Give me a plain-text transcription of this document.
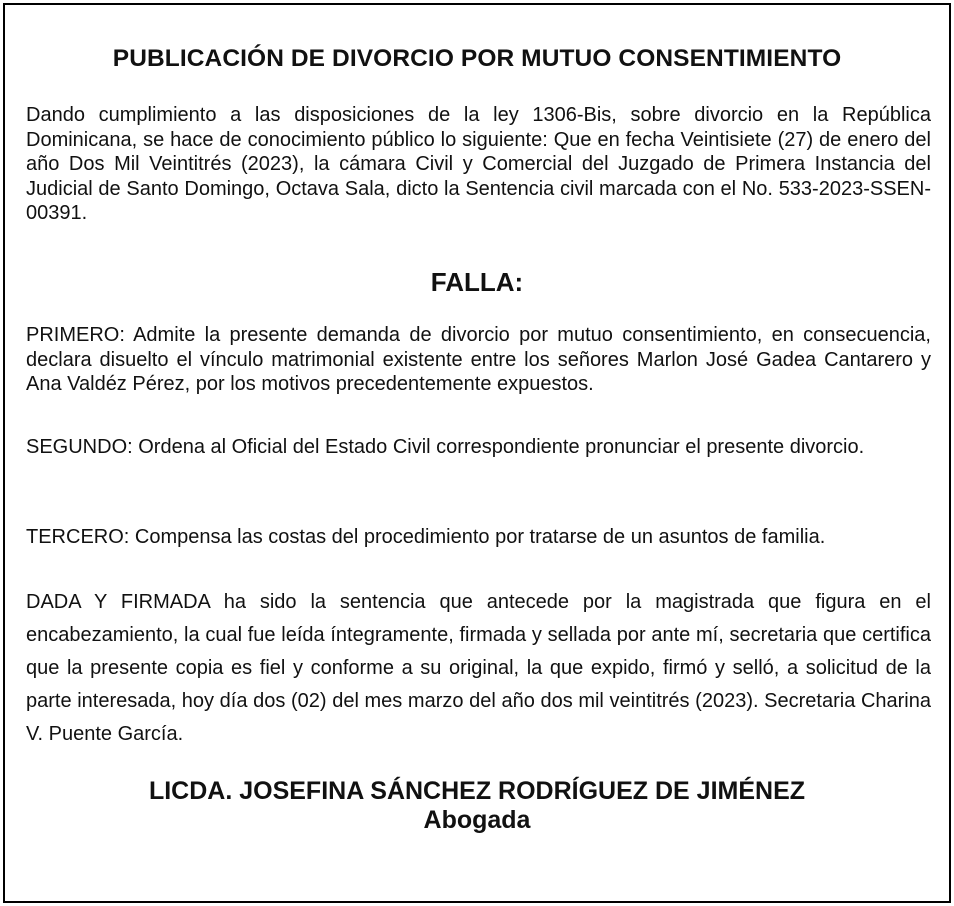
PUBLICACIÓN DE DIVORCIO POR MUTUO CONSENTIMIENTO

Dando cumplimiento a las disposiciones de la ley 1306-Bis, sobre divorcio en la República Dominicana, se hace de conocimiento público lo siguiente: Que en fecha Veintisiete (27) de enero del año Dos Mil Veintitrés (2023), la cámara Civil y Comercial del Juzgado de Primera Instancia del Judicial de Santo Domingo, Octava Sala, dicto la Sentencia civil marcada con el No. 533-2023-SSEN-00391.

FALLA:

PRIMERO: Admite la presente demanda de divorcio por mutuo consentimiento, en consecuencia, declara disuelto el vínculo matrimonial existente entre los señores Marlon José Gadea Cantarero y Ana Valdéz Pérez, por los motivos precedentemente expuestos.

SEGUNDO: Ordena al Oficial del Estado Civil correspondiente pronunciar el presente divorcio.

TERCERO: Compensa las costas del procedimiento por tratarse de un asuntos de familia.

DADA Y FIRMADA ha sido la sentencia que antecede por la magistrada que figura en el encabezamiento, la cual fue leída íntegramente, firmada y sellada por ante mí, secretaria que certifica que la presente copia es fiel y conforme a su original, la que expido, firmó y selló, a solicitud de la parte interesada, hoy día dos (02) del mes marzo del año dos mil veintitrés (2023). Secretaria Charina V. Puente García.

LICDA. JOSEFINA SÁNCHEZ RODRÍGUEZ DE JIMÉNEZ
Abogada
